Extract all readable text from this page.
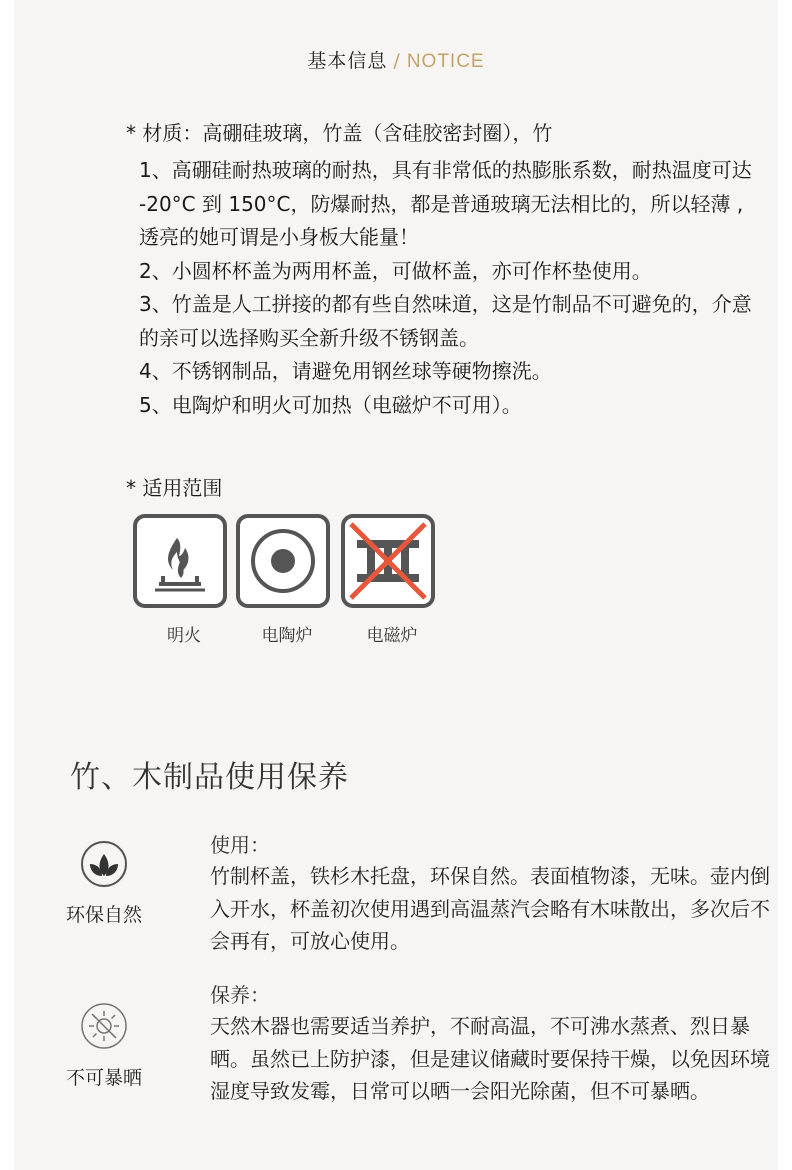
基本信息 / NOTICE
* 材质：高硼硅玻璃，竹盖（含硅胶密封圈），竹
1、高硼硅耐热玻璃的耐热，具有非常低的热膨胀系数，耐热温度可达 -20°C 到 150°C，防爆耐热，都是普通玻璃无法相比的，所以轻薄 , 透亮的她可谓是小身板大能量！
2、小圆杯杯盖为两用杯盖，可做杯盖，亦可作杯垫使用。
3、竹盖是人工拼接的都有些自然味道，这是竹制品不可避免的，介意的亲可以选择购买全新升级不锈钢盖。
4、不锈钢制品，请避免用钢丝球等硬物擦洗。
5、电陶炉和明火可加热（电磁炉不可用）。
* 适用范围
明火	电陶炉	电磁炉
竹、木制品使用保养
环保自然
不可暴晒
使用：
竹制杯盖，铁杉木托盘，环保自然。表面植物漆，无味。壶内倒入开水，杯盖初次使用遇到高温蒸汽会略有木味散出，多次后不会再有，可放心使用。
保养：
天然木器也需要适当养护，不耐高温，不可沸水蒸煮、烈日暴晒。虽然已上防护漆，但是建议储藏时要保持干燥，以免因环境湿度导致发霉，日常可以晒一会阳光除菌，但不可暴晒。
